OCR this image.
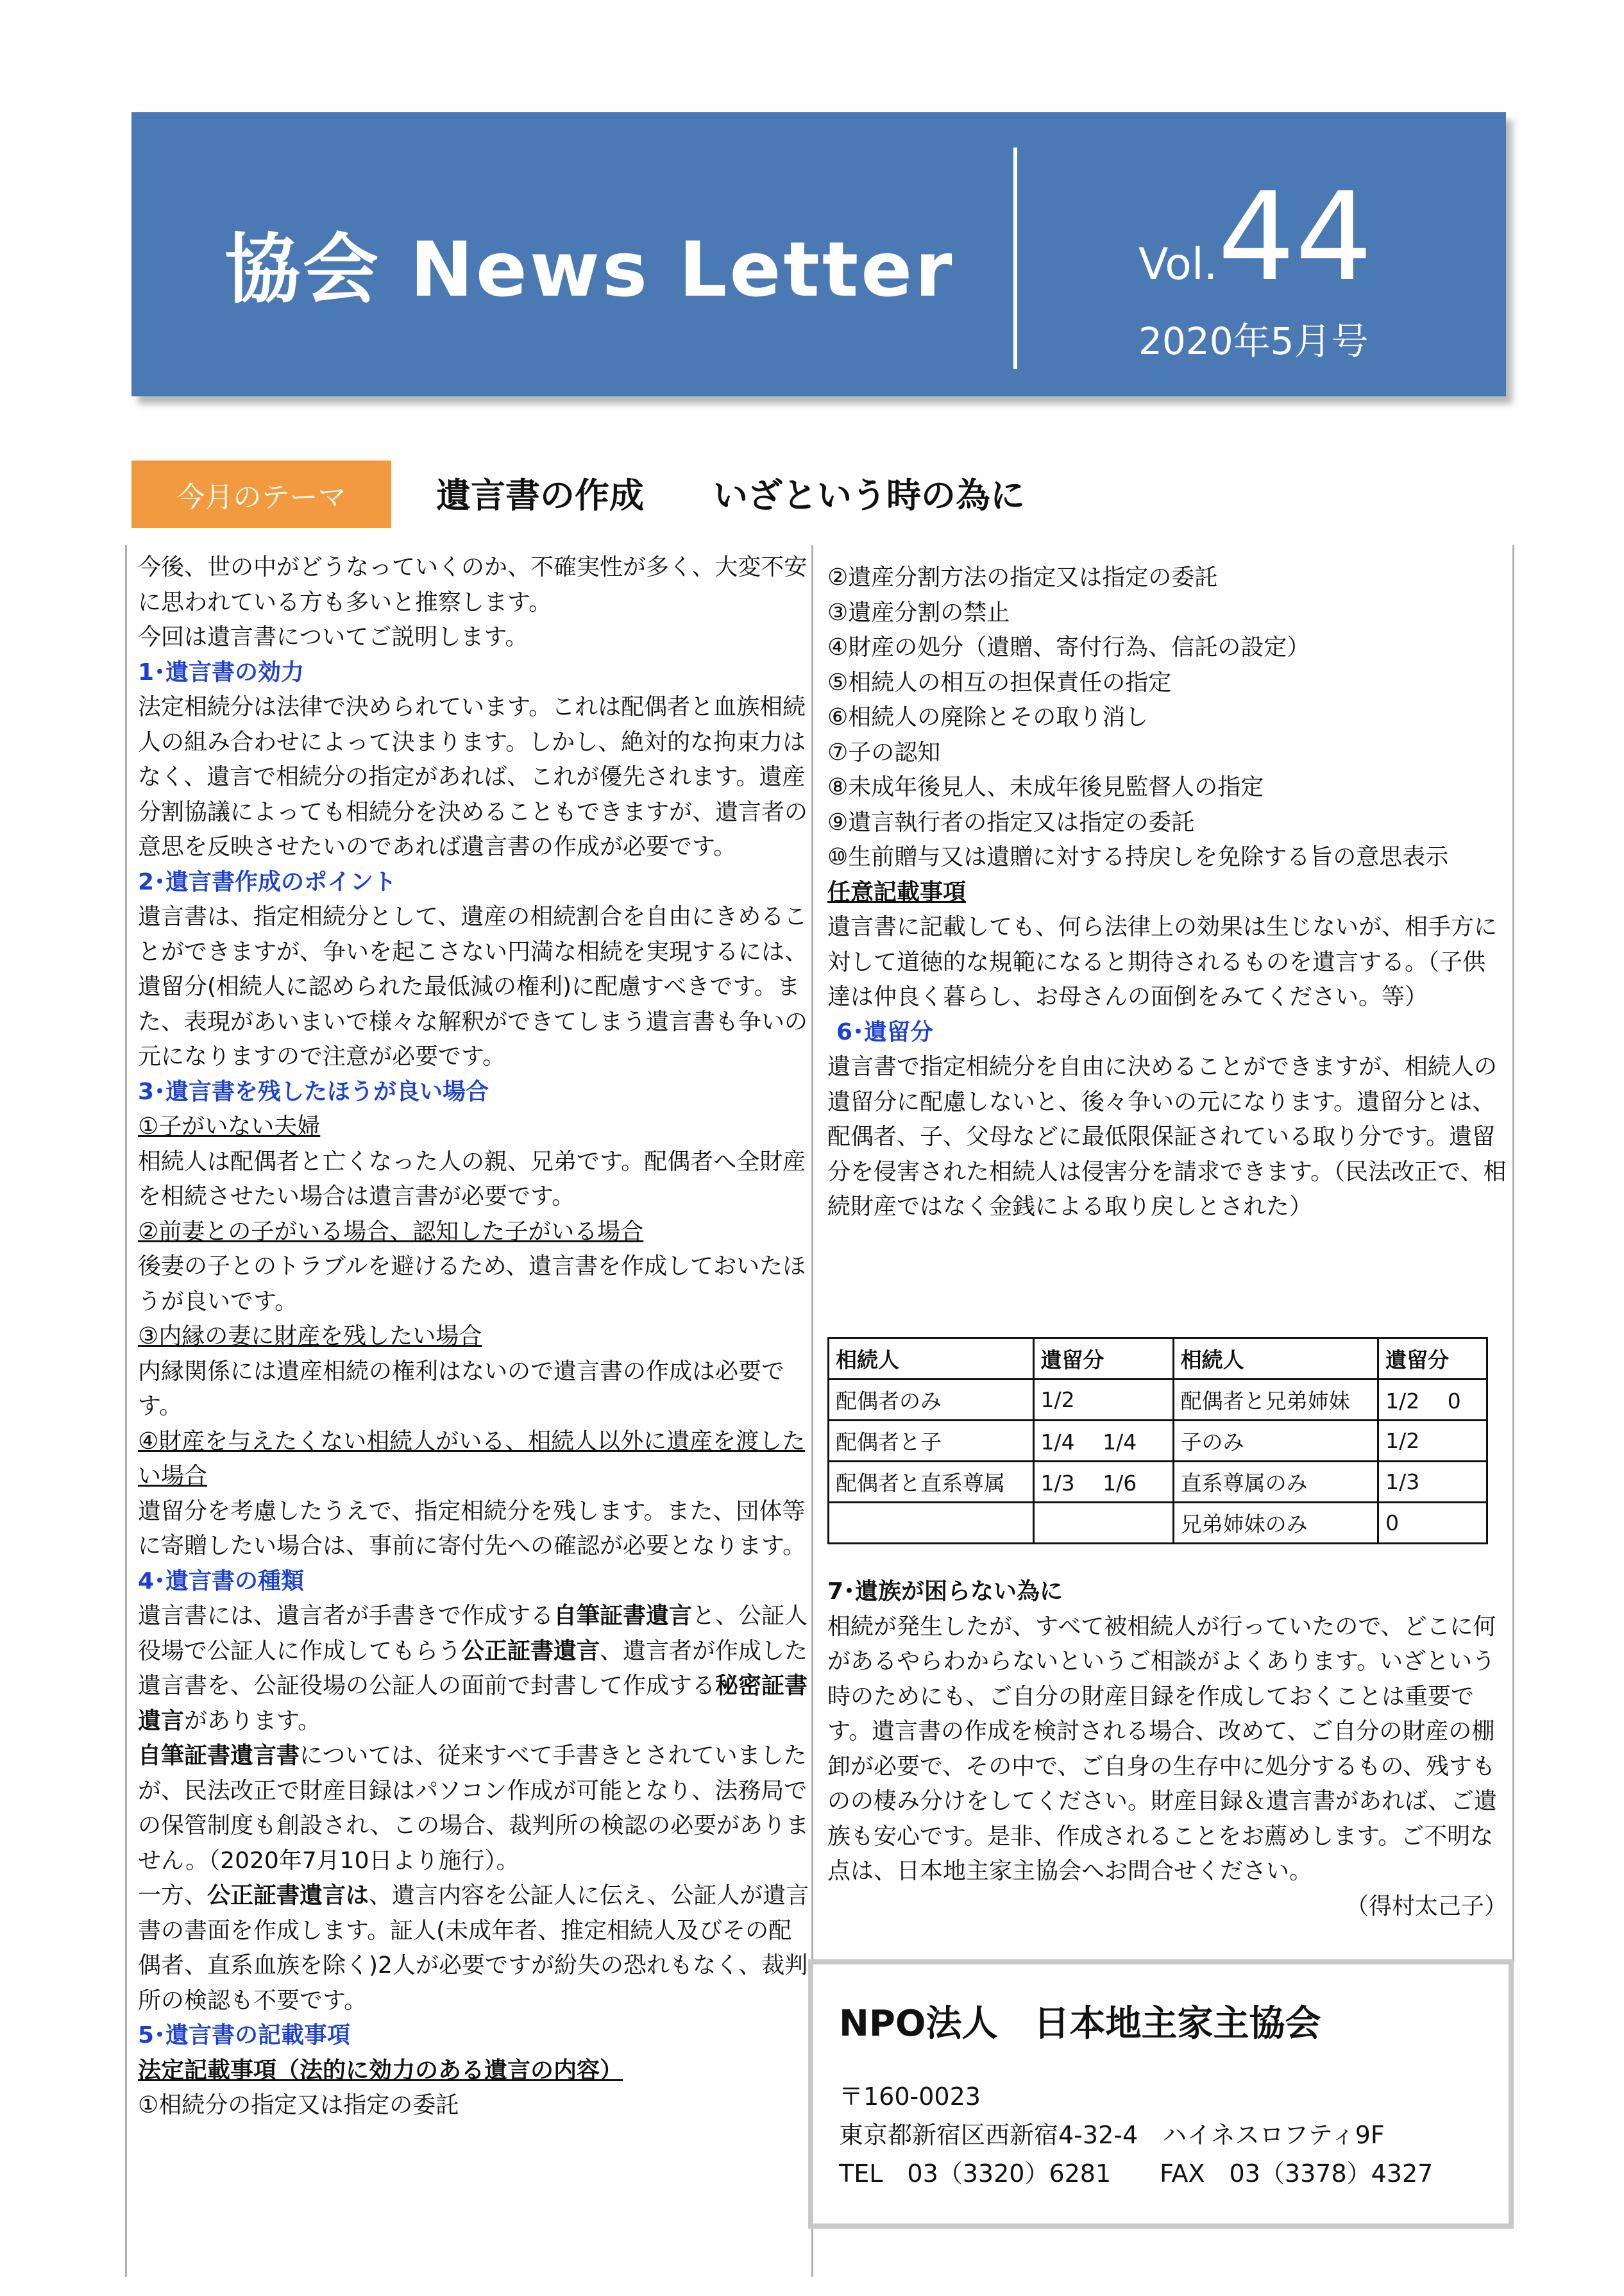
協会 News Letter	Vol.44
2020年5月号
今月のテーマ	遺言書の作成　　いざという時の為に

今後、世の中がどうなっていくのか、不確実性が多く、大変不安に思われている方も多いと推察します。

今回は遺言書についてご説明します。

1･遺言書の効力

法定相続分は法律で決められています。これは配偶者と血族相続人の組み合わせによって決まります。しかし、絶対的な拘束力はなく、遺言で相続分の指定があれば、これが優先されます。遺産分割協議によっても相続分を決めることもできますが、遺言者の意思を反映させたいのであれば遺言書の作成が必要です。

2･遺言書作成のポイント

遺言書は、指定相続分として、遺産の相続割合を自由にきめることができますが、争いを起こさない円満な相続を実現するには、遺留分(相続人に認められた最低減の権利)に配慮すべきです。また、表現があいまいで様々な解釈ができてしまう遺言書も争いの元になりますので注意が必要です。

3･遺言書を残したほうが良い場合

①子がいない夫婦

相続人は配偶者と亡くなった人の親、兄弟です。配偶者へ全財産を相続させたい場合は遺言書が必要です。

②前妻との子がいる場合、認知した子がいる場合

後妻の子とのトラブルを避けるため、遺言書を作成しておいたほうが良いです。

③内縁の妻に財産を残したい場合

内縁関係には遺産相続の権利はないので遺言書の作成は必要です。

④財産を与えたくない相続人がいる、相続人以外に遺産を渡したい場合

遺留分を考慮したうえで、指定相続分を残します。また、団体等に寄贈したい場合は、事前に寄付先への確認が必要となります。

4･遺言書の種類

遺言書には、遺言者が手書きで作成する自筆証書遺言と、公証人役場で公証人に作成してもらう公正証書遺言、遺言者が作成した遺言書を、公証役場の公証人の面前で封書して作成する秘密証書遺言があります。

自筆証書遺言書については、従来すべて手書きとされていましたが、民法改正で財産目録はパソコン作成が可能となり、法務局での保管制度も創設され、この場合、裁判所の検認の必要がありません。（2020年7月10日より施行）。

一方、公正証書遺言は、遺言内容を公証人に伝え、公証人が遺言書の書面を作成します。証人(未成年者、推定相続人及びその配偶者、直系血族を除く)2人が必要ですが紛失の恐れもなく、裁判所の検認も不要です。

5･遺言書の記載事項

法定記載事項（法的に効力のある遺言の内容）

①相続分の指定又は指定の委託

②遺産分割方法の指定又は指定の委託

③遺産分割の禁止

④財産の処分（遺贈、寄付行為、信託の設定）

⑤相続人の相互の担保責任の指定

⑥相続人の廃除とその取り消し

⑦子の認知

⑧未成年後見人、未成年後見監督人の指定

⑨遺言執行者の指定又は指定の委託

⑩生前贈与又は遺贈に対する持戻しを免除する旨の意思表示

任意記載事項

遺言書に記載しても、何ら法律上の効果は生じないが、相手方に対して道徳的な規範になると期待されるものを遺言する。（子供達は仲良く暮らし、お母さんの面倒をみてください。等）

6･遺留分

遺言書で指定相続分を自由に決めることができますが、相続人の遺留分に配慮しないと、後々争いの元になります。遺留分とは、配偶者、子、父母などに最低限保証されている取り分です。遺留分を侵害された相続人は侵害分を請求できます。（民法改正で、相続財産ではなく金銭による取り戻しとされた）

相続人	遺留分	相続人	遺留分
配偶者のみ	1/2	配偶者と兄弟姉妹	1/2　 0
配偶者と子	1/4　 1/4	子のみ	1/2
配偶者と直系尊属	1/3　 1/6	直系尊属のみ	1/3
		兄弟姉妹のみ	0

7･遺族が困らない為に

相続が発生したが、すべて被相続人が行っていたので、どこに何があるやらわからないというご相談がよくあります。いざという時のためにも、ご自分の財産目録を作成しておくことは重要です。遺言書の作成を検討される場合、改めて、ご自分の財産の棚卸が必要で、その中で、ご自身の生存中に処分するもの、残すものの棲み分けをしてください。財産目録＆遺言書があれば、ご遺族も安心です。是非、作成されることをお薦めします。ご不明な点は、日本地主家主協会へお問合せください。

（得村太己子）

NPO法人　日本地主家主協会
〒160-0023
東京都新宿区西新宿4-32-4　ハイネスロフティ9F
TEL　03（3320）6281　　FAX　03（3378）4327
